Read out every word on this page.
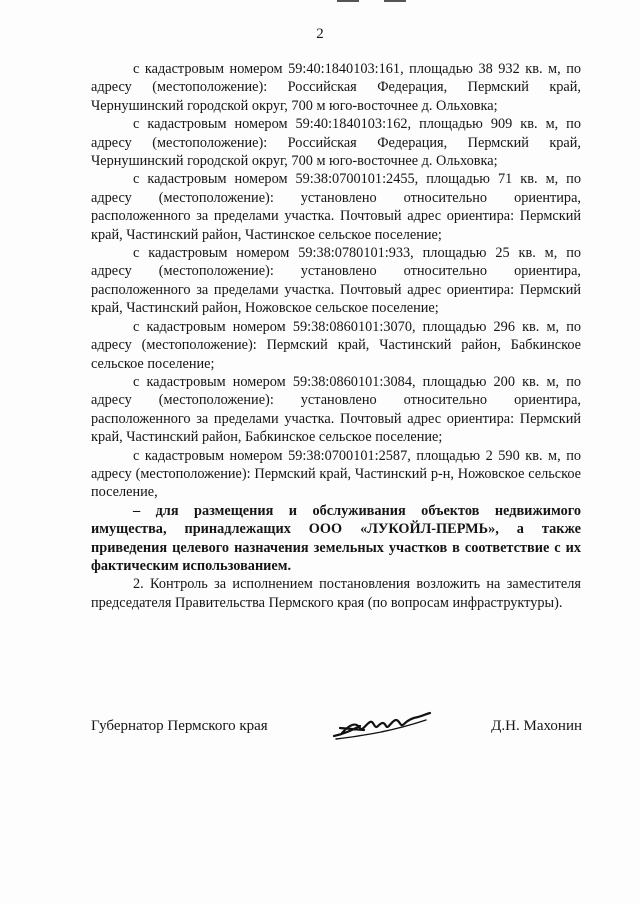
2

с кадастровым номером 59:40:1840103:161, площадью 38 932 кв. м, по адресу (местоположение): Российская Федерация, Пермский край, Чернушинский городской округ, 700 м юго-восточнее д. Ольховка;

с кадастровым номером 59:40:1840103:162, площадью 909 кв. м, по адресу (местоположение): Российская Федерация, Пермский край, Чернушинский городской округ, 700 м юго-восточнее д. Ольховка;

с кадастровым номером 59:38:0700101:2455, площадью 71 кв. м, по адресу (местоположение): установлено относительно ориентира, расположенного за пределами участка. Почтовый адрес ориентира: Пермский край, Частинский район, Частинское сельское поселение;

с кадастровым номером 59:38:0780101:933, площадью 25 кв. м, по адресу (местоположение): установлено относительно ориентира, расположенного за пределами участка. Почтовый адрес ориентира: Пермский край, Частинский район, Ножовское сельское поселение;

с кадастровым номером 59:38:0860101:3070, площадью 296 кв. м, по адресу (местоположение): Пермский край, Частинский район, Бабкинское сельское поселение;

с кадастровым номером 59:38:0860101:3084, площадью 200 кв. м, по адресу (местоположение): установлено относительно ориентира, расположенного за пределами участка. Почтовый адрес ориентира: Пермский край, Частинский район, Бабкинское сельское поселение;

с кадастровым номером 59:38:0700101:2587, площадью 2 590 кв. м, по адресу (местоположение): Пермский край, Частинский р-н, Ножовское сельское поселение,

– для размещения и обслуживания объектов недвижимого имущества, принадлежащих ООО «ЛУКОЙЛ-ПЕРМЬ», а также приведения целевого назначения земельных участков в соответствие с их фактическим использованием.

2. Контроль за исполнением постановления возложить на заместителя председателя Правительства Пермского края (по вопросам инфраструктуры).

Губернатор Пермского края	Д.Н. Махонин
